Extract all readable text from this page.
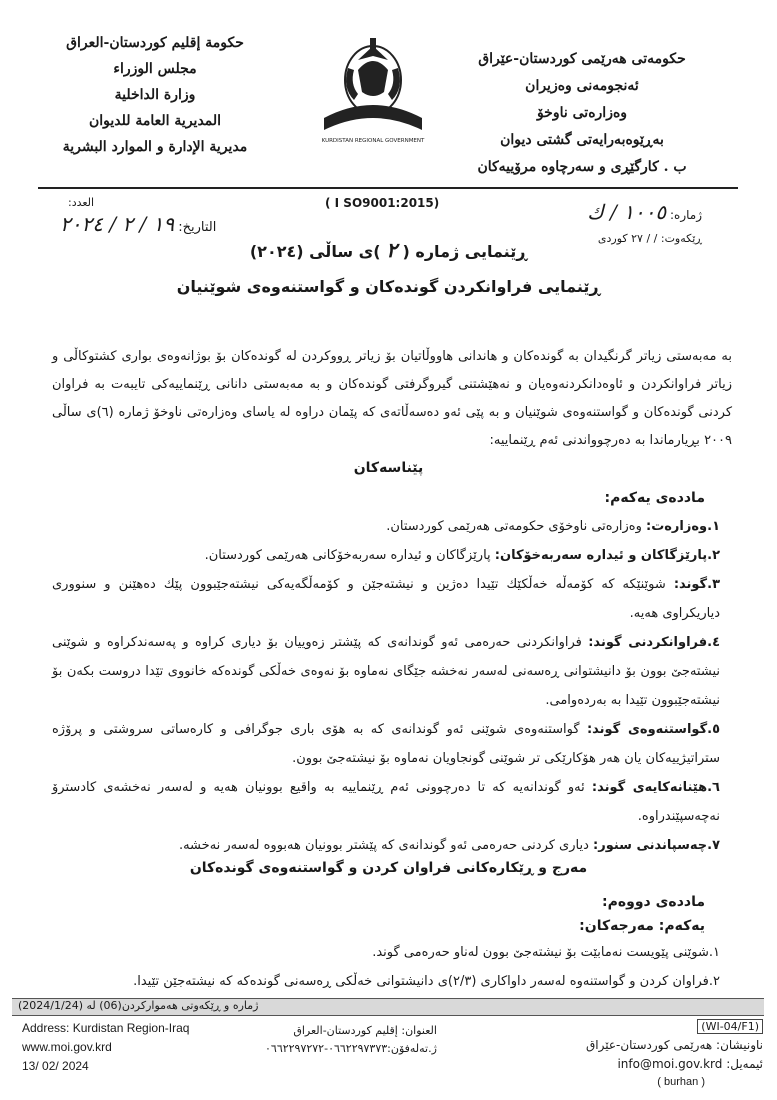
حكومة إقليم كوردستان-العراق
مجلس الوزراء
وزارة الداخلية
المديرية العامة للديوان
مديرية الإدارة و الموارد البشرية	KURDISTAN REGIONAL GOVERNMENT
حکومەتی هەرێمی کوردستان-عێراق
ئەنجومەنی وەزیران
وەزارەتی ناوخۆ
بەڕێوەبەرایەتی گشتی دیوان
ب . کارگێڕی و سەرچاوە مرۆییەکان
( I SO9001:2015)
ژمارە: ١٠٠٥ / ك
ڕێکەوت: / / ٢٧ كوردى
العدد:
التاريخ: ١٩ / ٢ / ٢٠٢٤
ڕێنمایی ژمارە ( ٢ )ی ساڵی (٢٠٢٤)
ڕێنمایی فراوانکردن گوندەکان و گواستنەوەی شوێنیان
بە مەبەستی زیاتر گرنگیدان بە گوندەکان و هاندانی هاووڵاتیان بۆ زیاتر ڕووکردن لە گوندەکان بۆ بوژانەوەی بواری کشتوکاڵی و زیاتر فراوانکردن و ئاوەدانکردنەوەیان و نەهێشتنی گیروگرفتی گوندەکان و بە مەبەستی دانانی ڕێنماییەکی تایبەت بە فراوان کردنی گوندەکان و گواستنەوەی شوێنیان و بە پێی ئەو دەسەڵاتەی کە پێمان دراوە لە یاسای وەزارەتی ناوخۆ ژمارە (٦)ی ساڵی ٢٠٠٩ بڕیارماندا بە دەرچوواندنی ئەم ڕێنماییە:
پێناسەکان
ماددەی یەکەم:

١.وەزارەت: وەزارەتی ناوخۆی حکومەتی هەرێمی کوردستان.

٢.پارێزگاکان و ئیدارە سەربەخۆکان: پارێزگاکان و ئیدارە سەربەخۆکانی هەرێمی کوردستان.

٣.گوند: شوێنێکە کە کۆمەڵە خەڵکێك تێیدا دەژین و نیشتەجێن و کۆمەڵگەیەکی نیشتەجێبوون پێك دەهێنن و سنووری دیاریکراوی هەیە.

٤.فراوانکردنی گوند: فراوانکردنی حەرەمی ئەو گوندانەی کە پێشتر زەوییان بۆ دیاری کراوە و پەسەندکراوە و شوێنی نیشتەجێ بوون بۆ دانیشتوانی ڕەسەنی لەسەر نەخشە جێگای نەماوە بۆ نەوەی خەڵکی گوندەکە خانووی تێدا دروست بکەن بۆ نیشتەجێبوون تێیدا بە بەردەوامی.

٥.گواستنەوەی گوند: گواستنەوەی شوێنی ئەو گوندانەی کە بە هۆی باری جوگرافی و کارەساتی سروشتی و پرۆژە ستراتیژییەکان یان هەر هۆکارێکی تر شوێنی گونجاویان نەماوە بۆ نیشتەجێ بوون.

٦.هێنانەکایەی گوند: ئەو گوندانەیە کە تا دەرچوونی ئەم ڕێنماییە بە واقیع بوونیان هەیە و لەسەر نەخشەی کادستروٚ نەچەسپێندراوە.

٧.چەسپاندنی سنور: دیاری کردنی حەرەمی ئەو گوندانەی کە پێشتر بوونیان هەبووە لەسەر نەخشە.

مەرج و ڕێکارەکانی فراوان کردن و گواستنەوەی گوندەکان
ماددەی دووەم:
یەکەم: مەرجەکان:

١.شوێنی پێویست نەمابێت بۆ نیشتەجێ بوون لەناو حەرەمی گوند.

٢.فراوان کردن و گواستنەوە لەسەر داواکاری (٢/٣)ی دانیشتوانی خەڵکی ڕەسەنی گوندەکە کە نیشتەجێن تێیدا.

ژمارە و ڕێکەوتی هەموارکردن(06) لە (2024/1/24)
Address: Kurdistan Region-Iraq
www.moi.gov.krd
13/ 02/ 2024
العنوان: إقليم كوردستان-العراق
ژ.تەلەفۆن:٠٦٦٢٢٩٧٣٧٣-٠٦٦٢٢٩٧٢٧٢
(WI-04/F1)
ناونیشان: هەرێمی کوردستان-عێراق
ئیمەیل: info@moi.gov.krd
( burhan )
